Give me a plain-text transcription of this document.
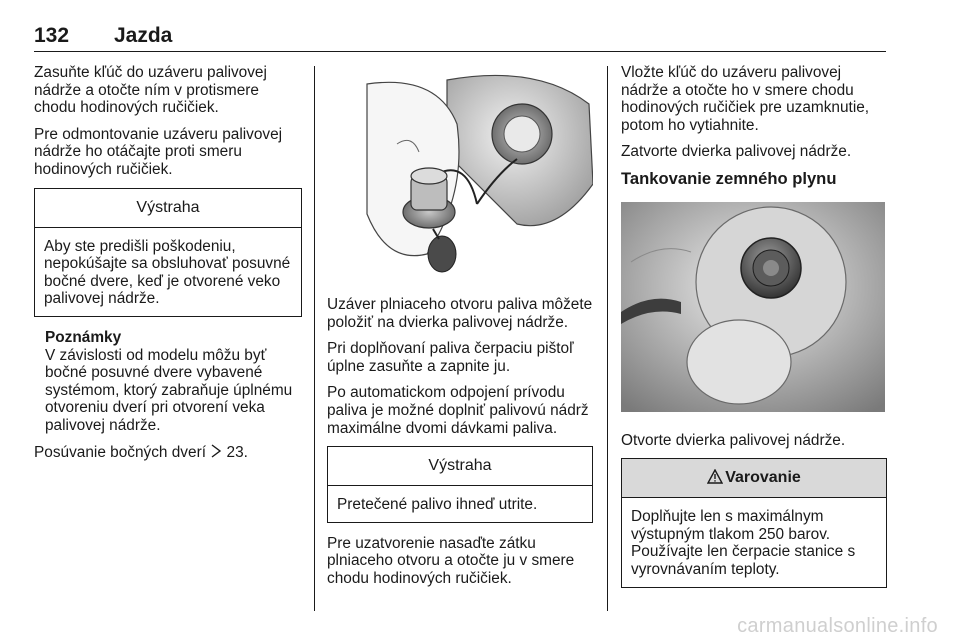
132 Jazda

Zasuňte kľúč do uzáveru palivovej nádrže a otočte ním v protismere chodu hodinových ručičiek.

Pre odmontovanie uzáveru palivovej nádrže ho otáčajte proti smeru hodinových ručičiek.

Výstraha
Aby ste predišli poškodeniu, nepokúšajte sa obsluhovať posuvné bočné dvere, keď je otvorené veko palivovej nádrže.
Poznámky
V závislosti od modelu môžu byť bočné posuvné dvere vybavené systémom, ktorý zabraňuje úplnému otvoreniu dverí pri otvorení veka palivovej nádrže.

Posúvanie bočných dverí 23.

Uzáver plniaceho otvoru paliva môžete položiť na dvierka palivovej nádrže.

Pri doplňovaní paliva čerpaciu pištoľ úplne zasuňte a zapnite ju.

Po automatickom odpojení prívodu paliva je možné doplniť palivovú nádrž maximálne dvomi dávkami paliva.

Výstraha
Pretečené palivo ihneď utrite.

Pre uzatvorenie nasaďte zátku plniaceho otvoru a otočte ju v smere chodu hodinových ručičiek.

Vložte kľúč do uzáveru palivovej nádrže a otočte ho v smere chodu hodinových ručičiek pre uzamknutie, potom ho vytiahnite.

Zatvorte dvierka palivovej nádrže.

Tankovanie zemného plynu

Otvorte dvierka palivovej nádrže.

Varovanie
Doplňujte len s maximálnym výstupným tlakom 250 barov. Používajte len čerpacie stanice s vyrovnávaním teploty.
carmanualsonline.info
